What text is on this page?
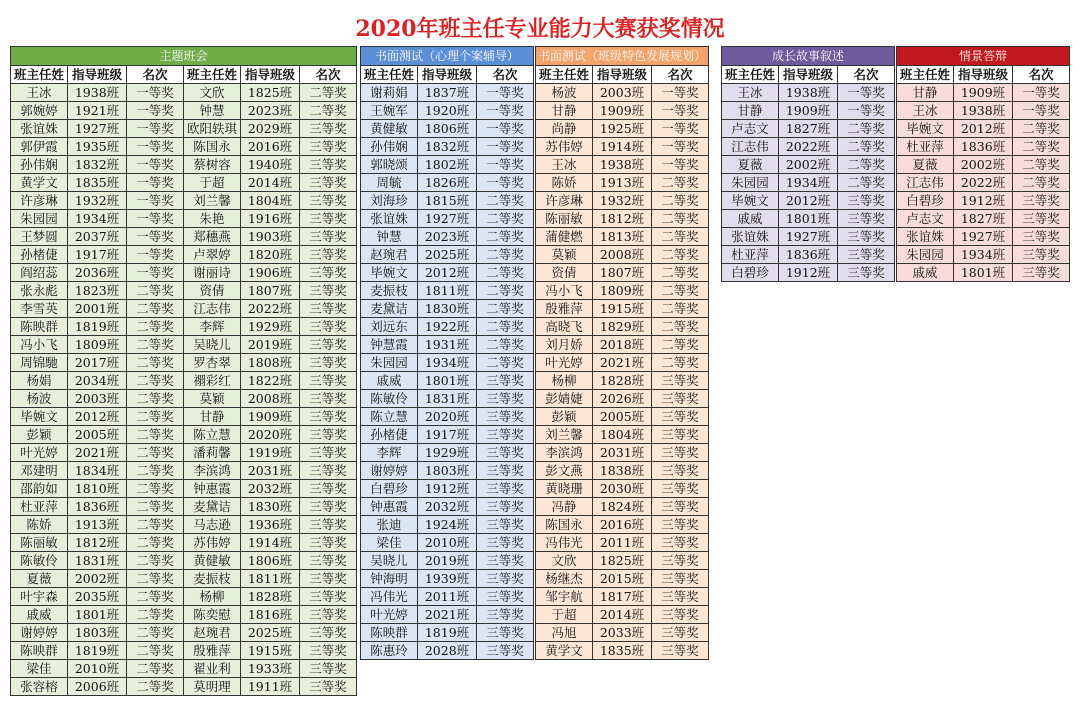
2020年班主任专业能力大赛获奖情况
主题班会					
班主任姓	指导班级	名次	班主任姓	指导班级	名次
王冰	1938班	一等奖	文欣	1825班	二等奖
郭婉婷	1921班	一等奖	钟慧	2023班	二等奖
张谊姝	1927班	一等奖	欧阳轶琪	2029班	三等奖
郭伊霞	1935班	一等奖	陈国永	2016班	三等奖
孙伟娴	1832班	一等奖	蔡树容	1940班	三等奖
黄学文	1835班	一等奖	于超	2014班	三等奖
许彦琳	1932班	一等奖	刘兰馨	1804班	三等奖
朱园园	1934班	一等奖	朱艳	1916班	三等奖
王梦圆	2037班	一等奖	郑穗燕	1903班	三等奖
孙楮倢	1917班	一等奖	卢翠婷	1820班	三等奖
阎绍蕊	2036班	一等奖	谢丽诗	1906班	三等奖
张永彪	1823班	二等奖	资倩	1807班	三等奖
李雪英	2001班	二等奖	江志伟	2022班	三等奖
陈映群	1819班	二等奖	李辉	1929班	三等奖
冯小飞	1809班	二等奖	吴晓儿	2019班	三等奖
周锦馳	2017班	二等奖	罗杏翠	1808班	三等奖
杨娟	2034班	二等奖	禤彩红	1822班	三等奖
杨波	2003班	二等奖	莫颖	2008班	三等奖
毕婉文	2012班	二等奖	甘静	1909班	三等奖
彭颖	2005班	二等奖	陈立慧	2020班	三等奖
叶光婷	2021班	二等奖	潘莉馨	1919班	三等奖
邓建明	1834班	二等奖	李滨鸿	2031班	三等奖
邵韵如	1810班	二等奖	钟惠霞	2032班	三等奖
杜亚萍	1836班	二等奖	麦黛诘	1830班	三等奖
陈娇	1913班	二等奖	马志逊	1936班	三等奖
陈丽敏	1812班	二等奖	苏伟婷	1914班	三等奖
陈敏伶	1831班	二等奖	黄健敏	1806班	三等奖
夏薇	2002班	二等奖	麦振枝	1811班	三等奖
叶宇森	2035班	二等奖	杨柳	1828班	三等奖
戚威	1801班	二等奖	陈奕慰	1816班	三等奖
谢婷婷	1803班	二等奖	赵琬君	2025班	三等奖
陈映群	1819班	二等奖	殷雅萍	1915班	三等奖
梁佳	2010班	二等奖	翟业利	1933班	三等奖
张容榕	2006班	二等奖	莫明理	1911班	三等奖
书面测试（心理个案辅导）		
班主任姓	指导班级	名次
谢莉娟	1837班	一等奖
王婉军	1920班	一等奖
黄健敏	1806班	一等奖
孙伟娴	1832班	一等奖
郭晓颂	1802班	一等奖
周毓	1826班	一等奖
刘海珍	1815班	二等奖
张谊姝	1927班	二等奖
钟慧	2023班	二等奖
赵琬君	2025班	二等奖
毕婉文	2012班	二等奖
麦振枝	1811班	二等奖
麦黛诘	1830班	二等奖
刘远东	1922班	二等奖
钟慧霞	1931班	二等奖
朱园园	1934班	二等奖
戚威	1801班	三等奖
陈敏伶	1831班	三等奖
陈立慧	2020班	三等奖
孙楮倢	1917班	三等奖
李辉	1929班	三等奖
谢婷婷	1803班	三等奖
白碧珍	1912班	三等奖
钟惠霞	2032班	三等奖
张迪	1924班	三等奖
梁佳	2010班	三等奖
吴晓儿	2019班	三等奖
钟海明	1939班	三等奖
冯伟光	2011班	三等奖
叶光婷	2021班	三等奖
陈映群	1819班	三等奖
陈惠玲	2028班	三等奖
书面测试（班级特色发展规划）		
班主任姓	指导班级	名次
杨波	2003班	一等奖
甘静	1909班	一等奖
尚静	1925班	一等奖
苏伟婷	1914班	一等奖
王冰	1938班	一等奖
陈娇	1913班	二等奖
许彦琳	1932班	二等奖
陈丽敏	1812班	二等奖
蒲健燃	1813班	二等奖
莫颖	2008班	二等奖
资倩	1807班	二等奖
冯小飞	1809班	二等奖
殷雅萍	1915班	二等奖
高晓飞	1829班	二等奖
刘月娇	2018班	二等奖
叶光婷	2021班	二等奖
杨柳	1828班	三等奖
彭婧婕	2026班	三等奖
彭颖	2005班	三等奖
刘兰馨	1804班	三等奖
李滨鸿	2031班	三等奖
彭文燕	1838班	三等奖
黄晓珊	2030班	三等奖
冯静	1824班	三等奖
陈国永	2016班	三等奖
冯伟光	2011班	三等奖
文欣	1825班	三等奖
杨继杰	2015班	三等奖
邹宇航	1817班	三等奖
于超	2014班	三等奖
冯旭	2033班	三等奖
黄学文	1835班	三等奖
成长故事叙述		
班主任姓	指导班级	名次
王冰	1938班	一等奖
甘静	1909班	一等奖
卢志文	1827班	二等奖
江志伟	2022班	二等奖
夏薇	2002班	二等奖
朱园园	1934班	二等奖
毕婉文	2012班	三等奖
戚威	1801班	三等奖
张谊姝	1927班	三等奖
杜亚萍	1836班	三等奖
白碧珍	1912班	三等奖
情景答辩		
班主任姓	指导班级	名次
甘静	1909班	一等奖
王冰	1938班	一等奖
毕婉文	2012班	二等奖
杜亚萍	1836班	二等奖
夏薇	2002班	二等奖
江志伟	2022班	二等奖
白碧珍	1912班	三等奖
卢志文	1827班	三等奖
张谊姝	1927班	三等奖
朱园园	1934班	三等奖
戚威	1801班	三等奖
